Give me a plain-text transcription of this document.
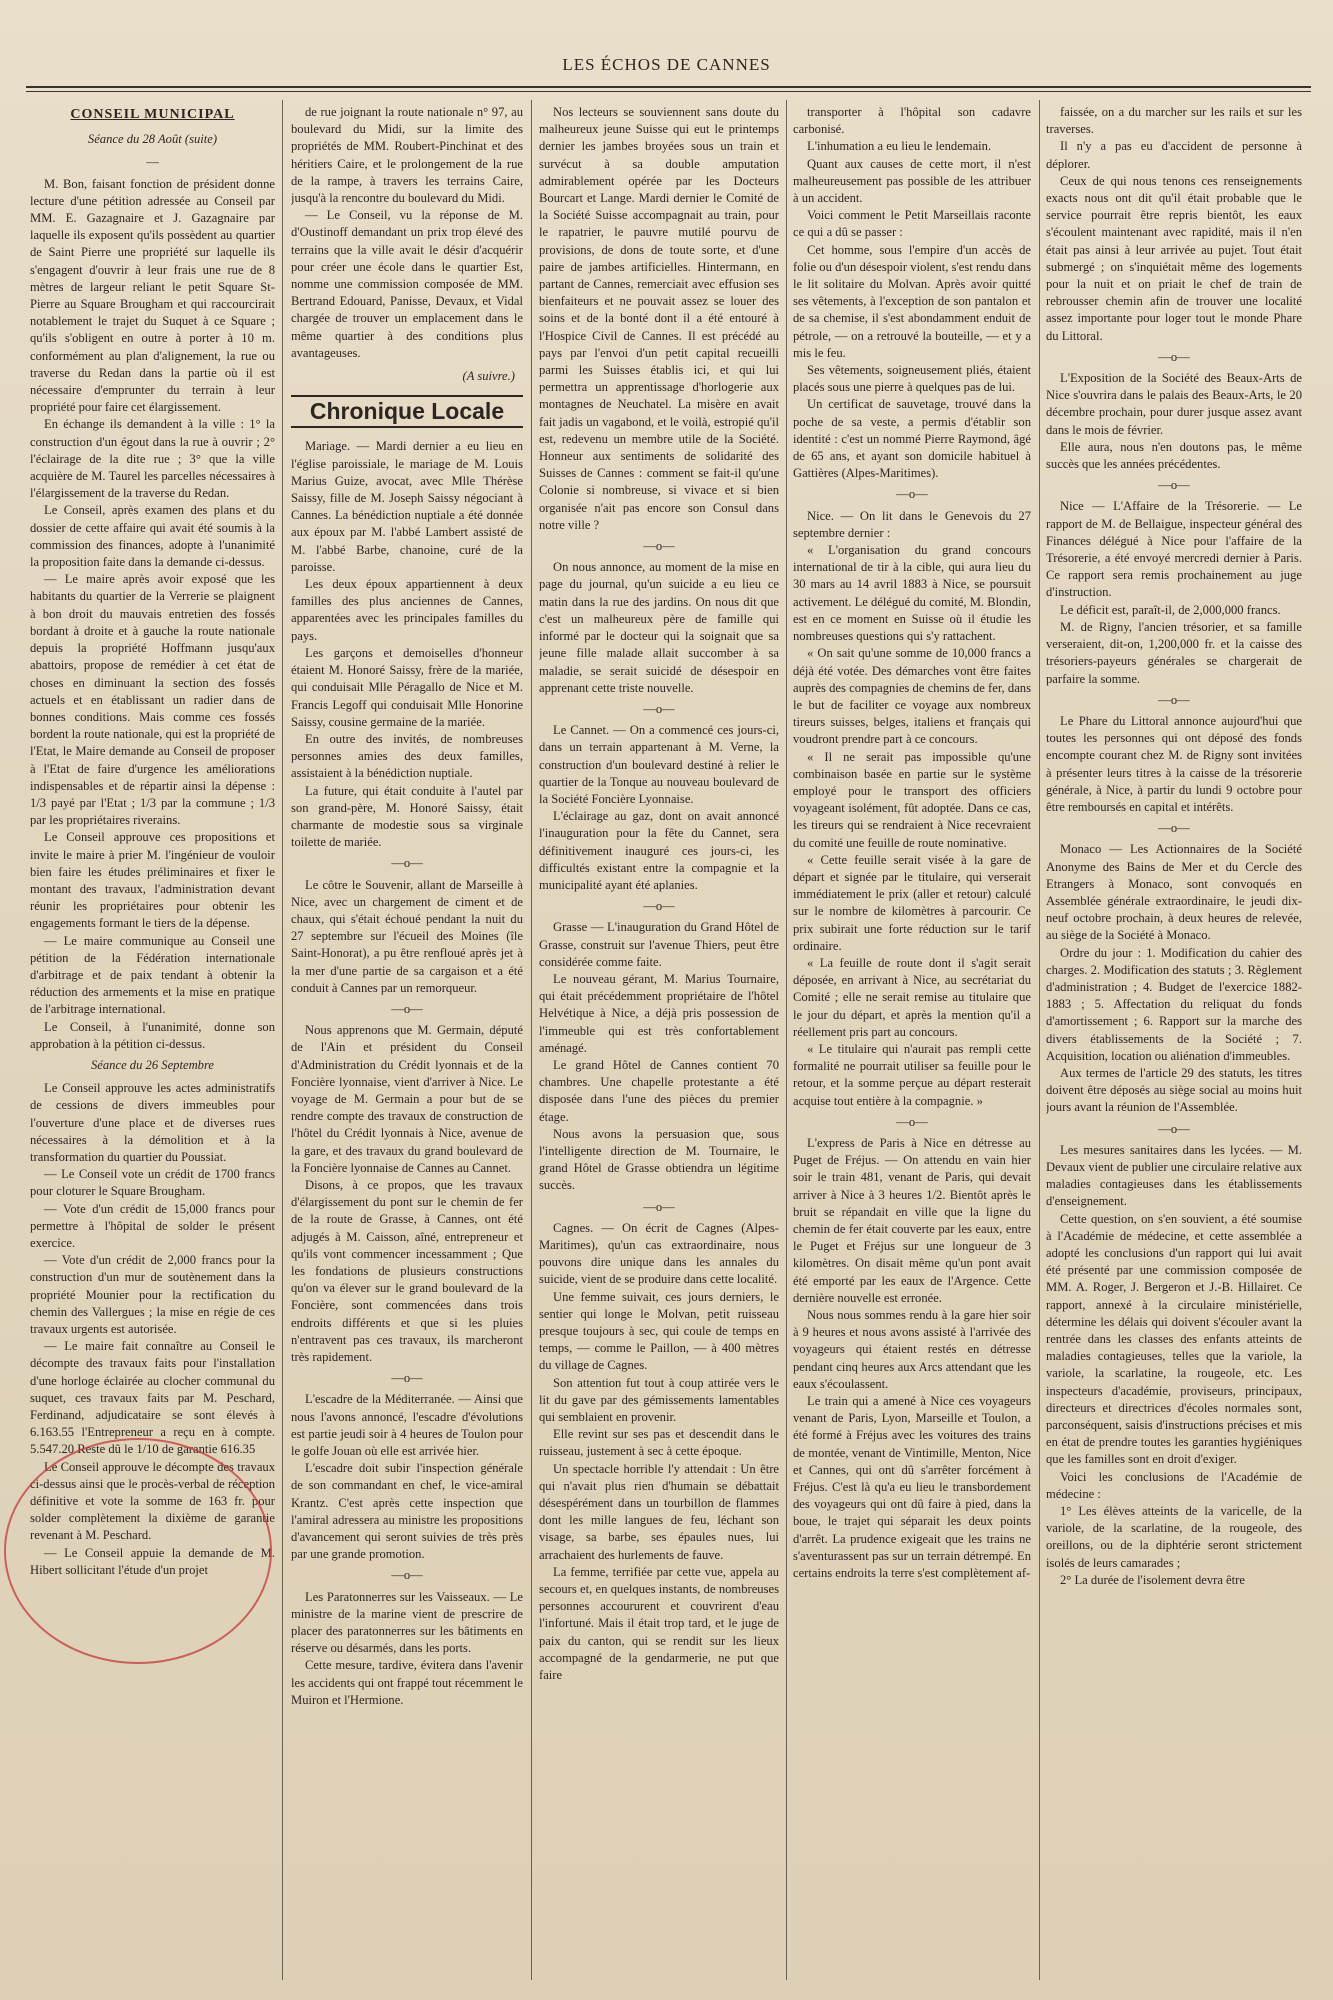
LES ÉCHOS DE CANNES
CONSEIL MUNICIPAL
Séance du 28 Août (suite)
—

M. Bon, faisant fonction de président donne lecture d'une pétition adressée au Conseil par MM. E. Gazagnaire et J. Gazagnaire par laquelle ils exposent qu'ils possèdent au quartier de Saint Pierre une propriété sur laquelle ils s'engagent d'ouvrir à leur frais une rue de 8 mètres de largeur reliant le petit Square St-Pierre au Square Brougham et qui raccourcirait notablement le trajet du Suquet à ce Square ; qu'ils s'obligent en outre à porter à 10 m. conformément au plan d'alignement, la rue ou traverse du Redan dans la partie où il est nécessaire d'emprunter du terrain à leur propriété pour faire cet élargissement.

En échange ils demandent à la ville : 1° la construction d'un égout dans la rue à ouvrir ; 2° l'éclairage de la dite rue ; 3° que la ville acquière de M. Taurel les parcelles nécessaires à l'élargissement de la traverse du Redan.

Le Conseil, après examen des plans et du dossier de cette affaire qui avait été soumis à la commission des finances, adopte à l'unanimité la proposition faite dans la demande ci-dessus.

— Le maire après avoir exposé que les habitants du quartier de la Verrerie se plaignent à bon droit du mauvais entretien des fossés bordant à droite et à gauche la route nationale depuis la propriété Hoffmann jusqu'aux abattoirs, propose de remédier à cet état de choses en diminuant la section des fossés actuels et en établissant un radier dans de bonnes conditions. Mais comme ces fossés bordent la route nationale, qui est la propriété de l'Etat, le Maire demande au Conseil de proposer à l'Etat de faire d'urgence les améliorations indispensables et de répartir ainsi la dépense : 1/3 payé par l'Etat ; 1/3 par la commune ; 1/3 par les propriétaires riverains.

Le Conseil approuve ces propositions et invite le maire à prier M. l'ingénieur de vouloir bien faire les études préliminaires et fixer le montant des travaux, l'administration devant réunir les propriétaires pour obtenir les engagements formant le tiers de la dépense.

— Le maire communique au Conseil une pétition de la Fédération internationale d'arbitrage et de paix tendant à obtenir la réduction des armements et la mise en pratique de l'arbitrage international.

Le Conseil, à l'unanimité, donne son approbation à la pétition ci-dessus.

Séance du 26 Septembre

Le Conseil approuve les actes administratifs de cessions de divers immeubles pour l'ouverture d'une place et de diverses rues nécessaires à la démolition et à la transformation du quartier du Poussiat.

— Le Conseil vote un crédit de 1700 francs pour cloturer le Square Brougham.

— Vote d'un crédit de 15,000 francs pour permettre à l'hôpital de solder le présent exercice.

— Vote d'un crédit de 2,000 francs pour la construction d'un mur de soutènement dans la propriété Mounier pour la rectification du chemin des Vallergues ; la mise en régie de ces travaux urgents est autorisée.

— Le maire fait connaître au Conseil le décompte des travaux faits pour l'installation d'une horloge éclairée au clocher communal du suquet, ces travaux faits par M. Peschard, Ferdinand, adjudicataire se sont élevés à 6.163.55 l'Entrepreneur a reçu en à compte. 5.547.20 Reste dû le 1/10 de garantie 616.35

Le Conseil approuve le décompte des travaux ci-dessus ainsi que le procès-verbal de réception définitive et vote la somme de 163 fr. pour solder complètement la dixième de garantie revenant à M. Peschard.

— Le Conseil appuie la demande de M. Hibert sollicitant l'étude d'un projet

de rue joignant la route nationale n° 97, au boulevard du Midi, sur la limite des propriétés de MM. Roubert-Pinchinat et des héritiers Caire, et le prolongement de la rue de la rampe, à travers les terrains Caire, jusqu'à la rencontre du boulevard du Midi.

— Le Conseil, vu la réponse de M. d'Oustinoff demandant un prix trop élevé des terrains que la ville avait le désir d'acquérir pour créer une école dans le quartier Est, nomme une commission composée de MM. Bertrand Edouard, Panisse, Devaux, et Vidal chargée de trouver un emplacement dans le même quartier à des conditions plus avantageuses.

(A suivre.)
Chronique Locale

Mariage. — Mardi dernier a eu lieu en l'église paroissiale, le mariage de M. Louis Marius Guize, avocat, avec Mlle Thérèse Saissy, fille de M. Joseph Saissy négociant à Cannes. La bénédiction nuptiale a été donnée aux époux par M. l'abbé Lambert assisté de M. l'abbé Barbe, chanoine, curé de la paroisse.

Les deux époux appartiennent à deux familles des plus anciennes de Cannes, apparentées avec les principales familles du pays.

Les garçons et demoiselles d'honneur étaient M. Honoré Saissy, frère de la mariée, qui conduisait Mlle Péragallo de Nice et M. Francis Legoff qui conduisait Mlle Honorine Saissy, cousine germaine de la mariée.

En outre des invités, de nombreuses personnes amies des deux familles, assistaient à la bénédiction nuptiale.

La future, qui était conduite à l'autel par son grand-père, M. Honoré Saissy, était charmante de modestie sous sa virginale toilette de mariée.

—o—

Le côtre le Souvenir, allant de Marseille à Nice, avec un chargement de ciment et de chaux, qui s'était échoué pendant la nuit du 27 septembre sur l'écueil des Moines (île Saint-Honorat), a pu être renfloué après jet à la mer d'une partie de sa cargaison et a été conduit à Cannes par un remorqueur.

—o—

Nous apprenons que M. Germain, député de l'Ain et président du Conseil d'Administration du Crédit lyonnais et de la Foncière lyonnaise, vient d'arriver à Nice. Le voyage de M. Germain a pour but de se rendre compte des travaux de construction de l'hôtel du Crédit lyonnais à Nice, avenue de la gare, et des travaux du grand boulevard de la Foncière lyonnaise de Cannes au Cannet.

Disons, à ce propos, que les travaux d'élargissement du pont sur le chemin de fer de la route de Grasse, à Cannes, ont été adjugés à M. Caisson, aîné, entrepreneur et qu'ils vont commencer incessamment ; Que les fondations de plusieurs constructions qu'on va élever sur le grand boulevard de la Foncière, sont commencées dans trois endroits différents et que si les pluies n'entravent pas ces travaux, ils marcheront très rapidement.

—o—

L'escadre de la Méditerranée. — Ainsi que nous l'avons annoncé, l'escadre d'évolutions est partie jeudi soir à 4 heures de Toulon pour le golfe Jouan où elle est arrivée hier.

L'escadre doit subir l'inspection générale de son commandant en chef, le vice-amiral Krantz. C'est après cette inspection que l'amiral adressera au ministre les propositions d'avancement qui seront suivies de très près par une grande promotion.

—o—

Les Paratonnerres sur les Vaisseaux. — Le ministre de la marine vient de prescrire de placer des paratonnerres sur les bâtiments en réserve ou désarmés, dans les ports.

Cette mesure, tardive, évitera dans l'avenir les accidents qui ont frappé tout récemment le Muiron et l'Hermione.

Nos lecteurs se souviennent sans doute du malheureux jeune Suisse qui eut le printemps dernier les jambes broyées sous un train et survécut à sa double amputation admirablement opérée par les Docteurs Bourcart et Lange. Mardi dernier le Comité de la Société Suisse accompagnait au train, pour le rapatrier, le pauvre mutilé pourvu de provisions, de dons de toute sorte, et d'une paire de jambes artificielles. Hintermann, en partant de Cannes, remerciait avec effusion ses bienfaiteurs et ne pouvait assez se louer des soins et de la bonté dont il a été entouré à l'Hospice Civil de Cannes. Il est précédé au pays par l'envoi d'un petit capital recueilli parmi les Suisses établis ici, et qui lui permettra un apprentissage d'horlogerie aux montagnes de Neuchatel. La misère en avait fait jadis un vagabond, et le voilà, estropié qu'il est, redevenu un membre utile de la Société. Honneur aux sentiments de solidarité des Suisses de Cannes : comment se fait-il qu'une Colonie si nombreuse, si vivace et si bien organisée n'ait pas encore son Consul dans notre ville ?

—o—

On nous annonce, au moment de la mise en page du journal, qu'un suicide a eu lieu ce matin dans la rue des jardins. On nous dit que c'est un malheureux père de famille qui informé par le docteur qui la soignait que sa jeune fille malade allait succomber à sa maladie, se serait suicidé de désespoir en apprenant cette triste nouvelle.

—o—

Le Cannet. — On a commencé ces jours-ci, dans un terrain appartenant à M. Verne, la construction d'un boulevard destiné à relier le quartier de la Tonque au nouveau boulevard de la Société Foncière Lyonnaise.

L'éclairage au gaz, dont on avait annoncé l'inauguration pour la fête du Cannet, sera définitivement inauguré ces jours-ci, les difficultés existant entre la compagnie et la municipalité ayant été aplanies.

—o—

Grasse — L'inauguration du Grand Hôtel de Grasse, construit sur l'avenue Thiers, peut être considérée comme faite.

Le nouveau gérant, M. Marius Tournaire, qui était précédemment propriétaire de l'hôtel Helvétique à Nice, a déjà pris possession de l'immeuble qui est très confortablement aménagé.

Le grand Hôtel de Cannes contient 70 chambres. Une chapelle protestante a été disposée dans l'une des pièces du premier étage.

Nous avons la persuasion que, sous l'intelligente direction de M. Tournaire, le grand Hôtel de Grasse obtiendra un légitime succès.

—o—

Cagnes. — On écrit de Cagnes (Alpes-Maritimes), qu'un cas extraordinaire, nous pouvons dire unique dans les annales du suicide, vient de se produire dans cette localité.

Une femme suivait, ces jours derniers, le sentier qui longe le Molvan, petit ruisseau presque toujours à sec, qui coule de temps en temps, — comme le Paillon, — à 400 mètres du village de Cagnes.

Son attention fut tout à coup attirée vers le lit du gave par des gémissements lamentables qui semblaient en provenir.

Elle revint sur ses pas et descendit dans le ruisseau, justement à sec à cette époque.

Un spectacle horrible l'y attendait : Un être qui n'avait plus rien d'humain se débattait désespérément dans un tourbillon de flammes dont les mille langues de feu, léchant son visage, sa barbe, ses épaules nues, lui arrachaient des hurlements de fauve.

La femme, terrifiée par cette vue, appela au secours et, en quelques instants, de nombreuses personnes accoururent et couvrirent d'eau l'infortuné. Mais il était trop tard, et le juge de paix du canton, qui se rendit sur les lieux accompagné de la gendarmerie, ne put que faire

transporter à l'hôpital son cadavre carbonisé.

L'inhumation a eu lieu le lendemain.

Quant aux causes de cette mort, il n'est malheureusement pas possible de les attribuer à un accident.

Voici comment le Petit Marseillais raconte ce qui a dû se passer :

Cet homme, sous l'empire d'un accès de folie ou d'un désespoir violent, s'est rendu dans le lit solitaire du Molvan. Après avoir quitté ses vêtements, à l'exception de son pantalon et de sa chemise, il s'est abondamment enduit de pétrole, — on a retrouvé la bouteille, — et y a mis le feu.

Ses vêtements, soigneusement pliés, étaient placés sous une pierre à quelques pas de lui.

Un certificat de sauvetage, trouvé dans la poche de sa veste, a permis d'établir son identité : c'est un nommé Pierre Raymond, âgé de 65 ans, et ayant son domicile habituel à Gattières (Alpes-Maritimes).

—o—

Nice. — On lit dans le Genevois du 27 septembre dernier :

« L'organisation du grand concours international de tir à la cible, qui aura lieu du 30 mars au 14 avril 1883 à Nice, se poursuit activement. Le délégué du comité, M. Blondin, est en ce moment en Suisse où il étudie les nombreuses questions qui s'y rattachent.

« On sait qu'une somme de 10,000 francs a déjà été votée. Des démarches vont être faites auprès des compagnies de chemins de fer, dans le but de faciliter ce voyage aux nombreux tireurs suisses, belges, italiens et français qui voudront prendre part à ce concours.

« Il ne serait pas impossible qu'une combinaison basée en partie sur le système employé pour le transport des officiers voyageant isolément, fût adoptée. Dans ce cas, les tireurs qui se rendraient à Nice recevraient du comité une feuille de route nominative.

« Cette feuille serait visée à la gare de départ et signée par le titulaire, qui verserait immédiatement le prix (aller et retour) calculé sur le nombre de kilomètres à parcourir. Ce prix subirait une forte réduction sur le tarif ordinaire.

« La feuille de route dont il s'agit serait déposée, en arrivant à Nice, au secrétariat du Comité ; elle ne serait remise au titulaire que le jour du départ, et après la mention qu'il a réellement pris part au concours.

« Le titulaire qui n'aurait pas rempli cette formalité ne pourrait utiliser sa feuille pour le retour, et la somme perçue au départ resterait acquise tout entière à la compagnie. »

—o—

L'express de Paris à Nice en détresse au Puget de Fréjus. — On attendu en vain hier soir le train 481, venant de Paris, qui devait arriver à Nice à 3 heures 1/2. Bientôt après le bruit se répandait en ville que la ligne du chemin de fer était couverte par les eaux, entre le Puget et Fréjus sur une longueur de 3 kilomètres. On disait même qu'un pont avait été emporté par les eaux de l'Argence. Cette dernière nouvelle est erronée.

Nous nous sommes rendu à la gare hier soir à 9 heures et nous avons assisté à l'arrivée des voyageurs qui étaient restés en détresse pendant cinq heures aux Arcs attendant que les eaux s'écoulassent.

Le train qui a amené à Nice ces voyageurs venant de Paris, Lyon, Marseille et Toulon, a été formé à Fréjus avec les voitures des trains de montée, venant de Vintimille, Menton, Nice et Cannes, qui ont dû s'arrêter forcément à Fréjus. C'est là qu'a eu lieu le transbordement des voyageurs qui ont dû faire à pied, dans la boue, le trajet qui séparait les deux points d'arrêt. La prudence exigeait que les trains ne s'aventurassent pas sur un terrain détrempé. En certains endroits la terre s'est complètement af-

faissée, on a du marcher sur les rails et sur les traverses.

Il n'y a pas eu d'accident de personne à déplorer.

Ceux de qui nous tenons ces renseignements exacts nous ont dit qu'il était probable que le service pourrait être repris bientôt, les eaux s'écoulent maintenant avec rapidité, mais il n'en était pas ainsi à leur arrivée au pujet. Tout était submergé ; on s'inquiétait même des logements pour la nuit et on priait le chef de train de rebrousser chemin afin de trouver une localité assez importante pour loger tout le monde Phare du Littoral.

—o—

L'Exposition de la Société des Beaux-Arts de Nice s'ouvrira dans le palais des Beaux-Arts, le 20 décembre prochain, pour durer jusque assez avant dans le mois de février.

Elle aura, nous n'en doutons pas, le même succès que les années précédentes.

—o—

Nice — L'Affaire de la Trésorerie. — Le rapport de M. de Bellaigue, inspecteur général des Finances délégué à Nice pour l'affaire de la Trésorerie, a été envoyé mercredi dernier à Paris. Ce rapport sera remis prochainement au juge d'instruction.

Le déficit est, paraît-il, de 2,000,000 francs.

M. de Rigny, l'ancien trésorier, et sa famille verseraient, dit-on, 1,200,000 fr. et la caisse des trésoriers-payeurs générales se chargerait de parfaire la somme.

—o—

Le Phare du Littoral annonce aujourd'hui que toutes les personnes qui ont déposé des fonds encompte courant chez M. de Rigny sont invitées à présenter leurs titres à la caisse de la trésorerie générale, à Nice, à partir du lundi 9 octobre pour être remboursés en capital et intérêts.

—o—

Monaco — Les Actionnaires de la Société Anonyme des Bains de Mer et du Cercle des Etrangers à Monaco, sont convoqués en Assemblée générale extraordinaire, le jeudi dix-neuf octobre prochain, à deux heures de relevée, au siège de la Société à Monaco.

Ordre du jour : 1. Modification du cahier des charges. 2. Modification des statuts ; 3. Règlement d'administration ; 4. Budget de l'exercice 1882-1883 ; 5. Affectation du reliquat du fonds d'amortissement ; 6. Rapport sur la marche des divers établissements de la Société ; 7. Acquisition, location ou aliénation d'immeubles.

Aux termes de l'article 29 des statuts, les titres doivent être déposés au siège social au moins huit jours avant la réunion de l'Assemblée.

—o—

Les mesures sanitaires dans les lycées. — M. Devaux vient de publier une circulaire relative aux maladies contagieuses dans les établissements d'enseignement.

Cette question, on s'en souvient, a été soumise à l'Académie de médecine, et cette assemblée a adopté les conclusions d'un rapport qui lui avait été présenté par une commission composée de MM. A. Roger, J. Bergeron et J.-B. Hillairet. Ce rapport, annexé à la circulaire ministérielle, détermine les délais qui doivent s'écouler avant la rentrée dans les classes des enfants atteints de maladies contagieuses, telles que la variole, la variole, la scarlatine, la rougeole, etc. Les inspecteurs d'académie, proviseurs, principaux, directeurs et directrices d'écoles normales sont, parconséquent, saisis d'instructions précises et mis en état de prendre toutes les garanties hygiéniques que les familles sont en droit d'exiger.

Voici les conclusions de l'Académie de médecine :

1° Les élèves atteints de la varicelle, de la variole, de la scarlatine, de la rougeole, des oreillons, ou de la diphtérie seront strictement isolés de leurs camarades ;

2° La durée de l'isolement devra être
